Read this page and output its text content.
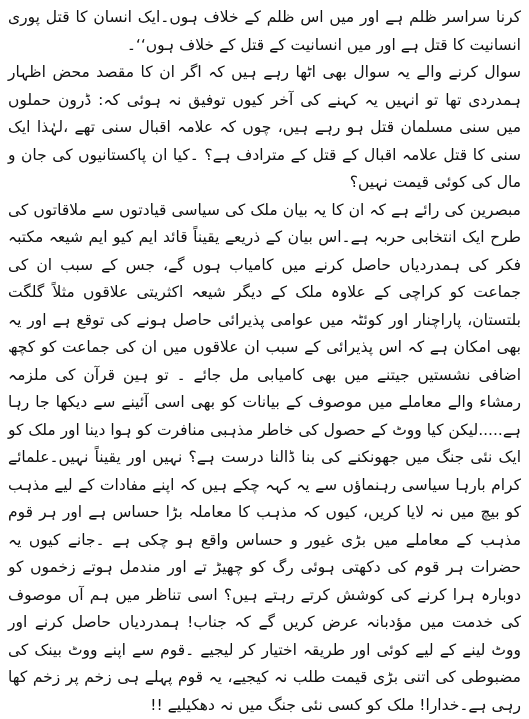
کرنا سراسر ظلم ہے اور میں اس ظلم کے خلاف ہوں۔ایک انسان کا قتل پوری انسانیت کا قتل ہے اور میں انسانیت کے قتل کے خلاف ہوں‘‘۔

سوال کرنے والے یہ سوال بھی اٹھا رہے ہیں کہ اگر ان کا مقصد محض اظہار ہمدردی تھا تو انہیں یہ کہنے کی آخر کیوں توفیق نہ ہوئی کہ: ڈرون حملوں میں سنی مسلمان قتل ہو رہے ہیں، چوں کہ علامہ اقبال سنی تھے ،لہٰذا ایک سنی کا قتل علامہ اقبال کے قتل کے مترادف ہے؟ ۔کیا ان پاکستانیوں کی جان و مال کی کوئی قیمت نہیں؟

مبصرین کی رائے ہے کہ ان کا یہ بیان ملک کی سیاسی قیادتوں سے ملاقاتوں کی طرح ایک انتخابی حربہ ہے۔اس بیان کے ذریعے یقیناً قائد ایم کیو ایم شیعہ مکتبہ فکر کی ہمدردیاں حاصل کرنے میں کامیاب ہوں گے، جس کے سبب ان کی جماعت کو کراچی کے علاوہ ملک کے دیگر شیعہ اکثریتی علاقوں مثلاً گلگت بلتستان، پاراچنار اور کوئٹہ میں عوامی پذیرائی حاصل ہونے کی توقع ہے اور یہ بھی امکان ہے کہ اس پذیرائی کے سبب ان علاقوں میں ان کی جماعت کو کچھ اضافی نشستیں جیتنے میں بھی کامیابی مل جائے ۔ تو ہین قرآن کی ملزمہ رمشاء والے معاملے میں موصوف کے بیانات کو بھی اسی آئینے سے دیکھا جا رہا ہے.....لیکن کیا ووٹ کے حصول کی خاطر مذہبی منافرت کو ہوا دینا اور ملک کو ایک نئی جنگ میں جھونکنے کی بنا ڈالنا درست ہے؟ نہیں اور یقیناً نہیں۔علمائے کرام بارہا سیاسی رہنماؤں سے یہ کہہ چکے ہیں کہ اپنے مفادات کے لیے مذہب کو بیچ میں نہ لایا کریں، کیوں کہ مذہب کا معاملہ بڑا حساس ہے اور ہر قوم مذہب کے معاملے میں بڑی غیور و حساس واقع ہو چکی ہے ۔جانے کیوں یہ حضرات ہر قوم کی دکھتی ہوئی رگ کو چھیڑ تے اور مندمل ہوتے زخموں کو دوبارہ ہرا کرنے کی کوشش کرتے رہتے ہیں؟ اسی تناظر میں ہم آں موصوف کی خدمت میں مؤدبانہ عرض کریں گے کہ جناب! ہمدردیاں حاصل کرنے اور ووٹ لینے کے لیے کوئی اور طریقہ اختیار کر لیجیے ۔قوم سے اپنے ووٹ بینک کی مضبوطی کی اتنی بڑی قیمت طلب نہ کیجیے، یہ قوم پہلے ہی زخم پر زخم کھا رہی ہے۔خدارا! ملک کو کسی نئی جنگ میں نہ دھکیلیے !!
